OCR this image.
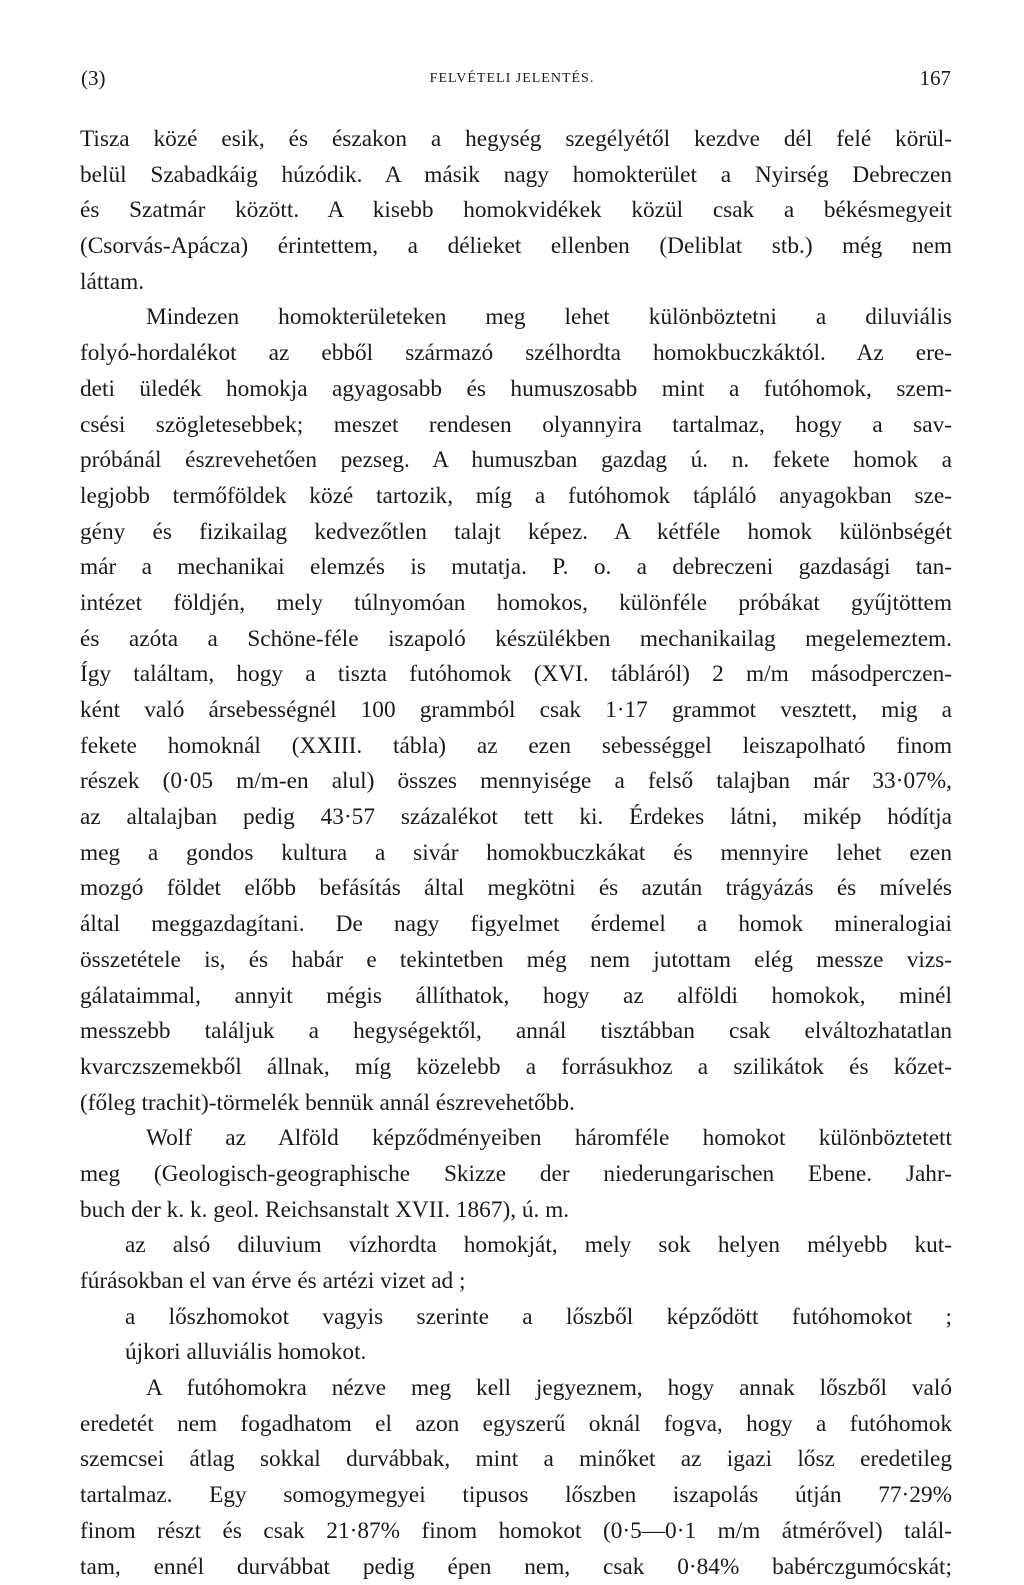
(3)	FELVÉTELI JELENTÉS.	167
Tisza közé esik, és északon a hegység szegélyétől kezdve dél felé körül-
belül Szabadkáig húzódik. A másik nagy homokterület a Nyirség Debreczen
és Szatmár között. A kisebb homokvidékek közül csak a békésmegyeit
(Csorvás-Apácza) érintettem, a délieket ellenben (Deliblat stb.) még nem
láttam.
Mindezen homokterületeken meg lehet különböztetni a diluviális
folyó-hordalékot az ebből származó szélhordta homokbuczkáktól. Az ere-
deti üledék homokja agyagosabb és humuszosabb mint a futóhomok, szem-
csési szögletesebbek; meszet rendesen olyannyira tartalmaz, hogy a sav-
próbánál észrevehetően pezseg. A humuszban gazdag ú. n. fekete homok a
legjobb termőföldek közé tartozik, míg a futóhomok tápláló anyagokban sze-
gény és fizikailag kedvezőtlen talajt képez. A kétféle homok különbségét
már a mechanikai elemzés is mutatja. P. o. a debreczeni gazdasági tan-
intézet földjén, mely túlnyomóan homokos, különféle próbákat gyűjtöttem
és azóta a Schöne-féle iszapoló készülékben mechanikailag megelemeztem.
Így találtam, hogy a tiszta futóhomok (XVI. tábláról) 2 m/m másodperczen-
ként való ársebességnél 100 grammból csak 1·17 grammot vesztett, mig a
fekete homoknál (XXIII. tábla) az ezen sebességgel leiszapolható finom
részek (0·05 m/m-en alul) összes mennyisége a felső talajban már 33·07%,
az altalajban pedig 43·57 százalékot tett ki. Érdekes látni, mikép hódítja
meg a gondos kultura a sivár homokbuczkákat és mennyire lehet ezen
mozgó földet előbb befásítás által megkötni és azután trágyázás és mívelés
által meggazdagítani. De nagy figyelmet érdemel a homok mineralogiai
összetétele is, és habár e tekintetben még nem jutottam elég messze vizs-
gálataimmal, annyit mégis állíthatok, hogy az alföldi homokok, minél
messzebb találjuk a hegységektől, annál tisztábban csak elváltozhatatlan
kvarczszemekből állnak, míg közelebb a forrásukhoz a szilikátok és kőzet-
(főleg trachit)-törmelék bennük annál észrevehetőbb.
Wolf az Alföld képződményeiben háromféle homokot különböztetett
meg (Geologisch-geographische Skizze der niederungarischen Ebene. Jahr-
buch der k. k. geol. Reichsanstalt XVII. 1867), ú. m.
az alsó diluvium vízhordta homokját, mely sok helyen mélyebb kut-
fúrásokban el van érve és artézi vizet ad ;
a lőszhomokot vagyis szerinte a lőszből képződött futóhomokot ;
újkori alluviális homokot.
A futóhomokra nézve meg kell jegyeznem, hogy annak lőszből való
eredetét nem fogadhatom el azon egyszerű oknál fogva, hogy a futóhomok
szemcsei átlag sokkal durvábbak, mint a minőket az igazi lősz eredetileg
tartalmaz. Egy somogymegyei tipusos lőszben iszapolás útján 77·29%
finom részt és csak 21·87% finom homokot (0·5—0·1 m/m átmérővel) talál-
tam, ennél durvábbat pedig épen nem, csak 0·84% babérczgumócskát;
